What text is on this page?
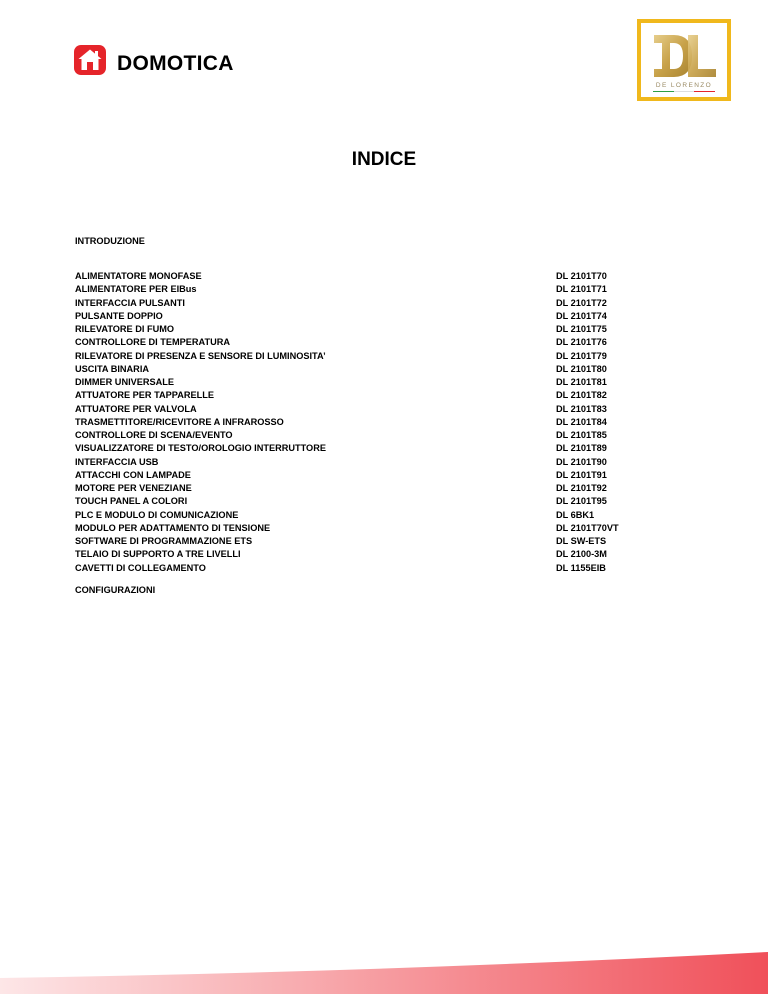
DOMOTICA
DE LORENZO
INDICE
INTRODUZIONE
ALIMENTATORE MONOFASE	DL 2101T70
ALIMENTATORE PER EIBus	DL 2101T71
INTERFACCIA PULSANTI	DL 2101T72
PULSANTE DOPPIO	DL 2101T74
RILEVATORE DI FUMO	DL 2101T75
CONTROLLORE DI TEMPERATURA	DL 2101T76
RILEVATORE DI PRESENZA E SENSORE DI LUMINOSITA’	DL 2101T79
USCITA BINARIA	DL 2101T80
DIMMER UNIVERSALE	DL 2101T81
ATTUATORE PER TAPPARELLE	DL 2101T82
ATTUATORE PER VALVOLA	DL 2101T83
TRASMETTITORE/RICEVITORE A INFRAROSSO	DL 2101T84
CONTROLLORE DI SCENA/EVENTO	DL 2101T85
VISUALIZZATORE DI TESTO/OROLOGIO INTERRUTTORE	DL 2101T89
INTERFACCIA USB	DL 2101T90
ATTACCHI CON LAMPADE	DL 2101T91
MOTORE PER VENEZIANE	DL 2101T92
TOUCH PANEL A COLORI	DL 2101T95
PLC E MODULO DI COMUNICAZIONE	DL 6BK1
MODULO PER ADATTAMENTO DI TENSIONE	DL 2101T70VT
SOFTWARE DI PROGRAMMAZIONE ETS	DL SW-ETS
TELAIO DI SUPPORTO A TRE LIVELLI	DL 2100-3M
CAVETTI DI COLLEGAMENTO	DL 1155EIB
CONFIGURAZIONI
